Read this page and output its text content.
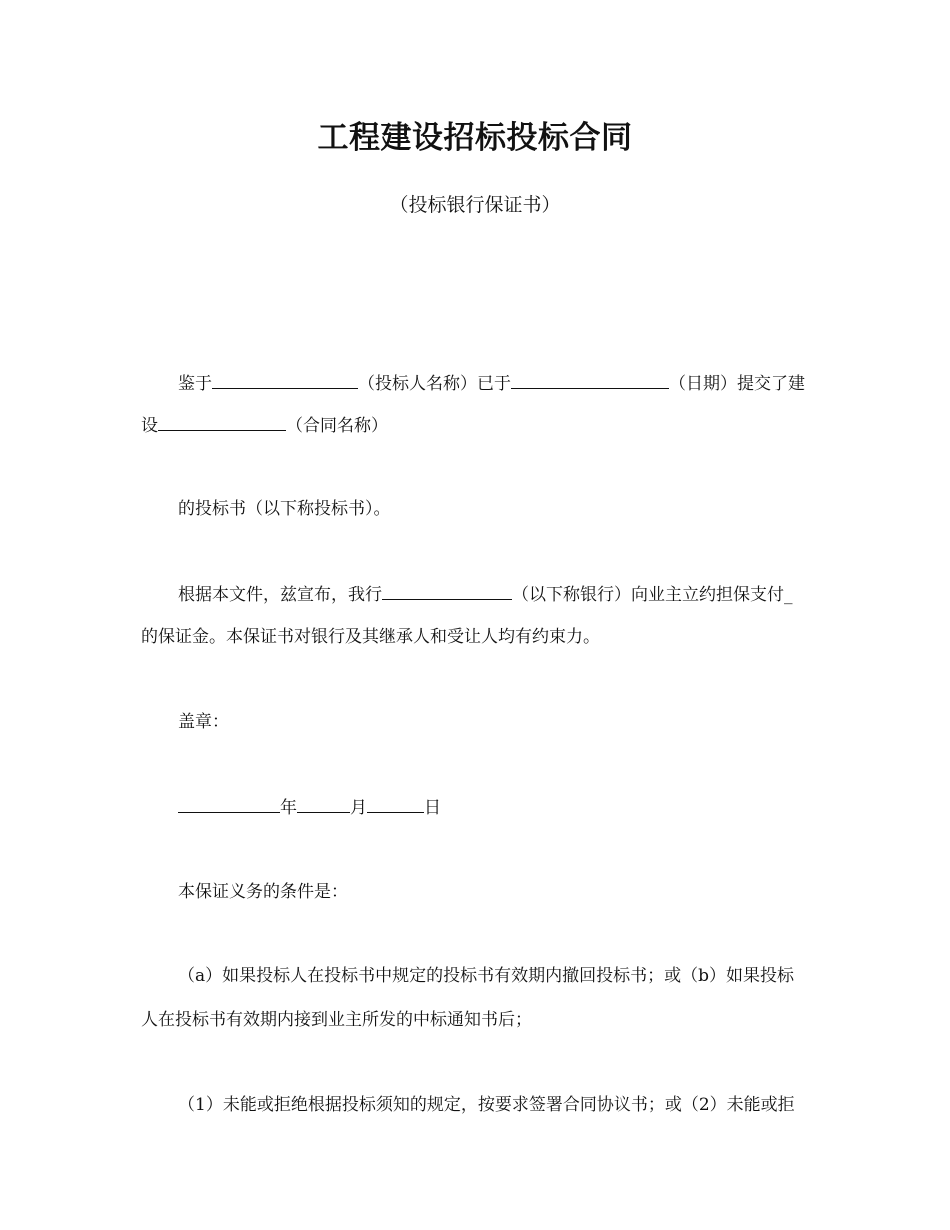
工程建设招标投标合同

（投标银行保证书）

鉴于	（投标人名称）已于	（日期）提交了建

设	（合同名称）

的投标书（以下称投标书）。

根据本文件，兹宣布，我行	（以下称银行）向业主立约担保支付_

的保证金。本保证书对银行及其继承人和受让人均有约束力。

盖章：

年	月	日

本保证义务的条件是：

（a）如果投标人在投标书中规定的投标书有效期内撤回投标书；或（b）如果投标

人在投标书有效期内接到业主所发的中标通知书后；

（1）未能或拒绝根据投标须知的规定，按要求签署合同协议书；或（2）未能或拒
